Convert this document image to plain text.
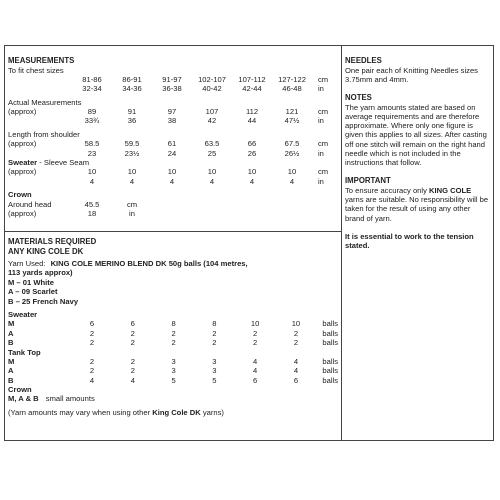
MEASUREMENTS
To fit chest sizes							
	81-86	86-91	91-97	102-107	107-112	127-122	cm
	32-34	34-36	36-38	40-42	42-44	46-48	in

Actual Measurements							
(approx)	89	91	97	107	112	121	cm
	33¾	36	38	42	44	47½	in

Length from shoulder							
(approx)	58.5	59.5	61	63.5	66	67.5	cm
	23	23½	24	25	26	26½	in
Sweater - Sleeve Seam							
(approx)	10	10	10	10	10	10	cm
	4	4	4	4	4	4	in

Crown							
Around head	45.5	cm					
(approx)	18	in					
MATERIALS REQUIRED
ANY KING COLE DK
Yarn Used: KING COLE MERINO BLEND DK 50g balls (104 metres,
113 yards approx)
M – 01 White
A – 09 Scarlet
B – 25 French Navy
Sweater
M	6	6	8	8	10	10	balls
A	2	2	2	2	2	2	balls
B	2	2	2	2	2	2	balls
Tank Top
M	2	2	3	3	4	4	balls
A	2	2	3	3	4	4	balls
B	4	4	5	5	6	6	balls
Crown
M, A & B small amounts
(Yarn amounts may vary when using other King Cole DK yarns)

NEEDLES

One pair each of Knitting Needles sizes 3.75mm and 4mm.

NOTES

The yarn amounts stated are based on average requirements and are therefore approximate. Where only one figure is given this applies to all sizes. After casting off one stitch will remain on the right hand needle which is not included in the instructions that follow.

IMPORTANT

To ensure accuracy only KING COLE yarns are suitable. No responsibility will be taken for the result of using any other brand of yarn.

It is essential to work to the tension stated.
